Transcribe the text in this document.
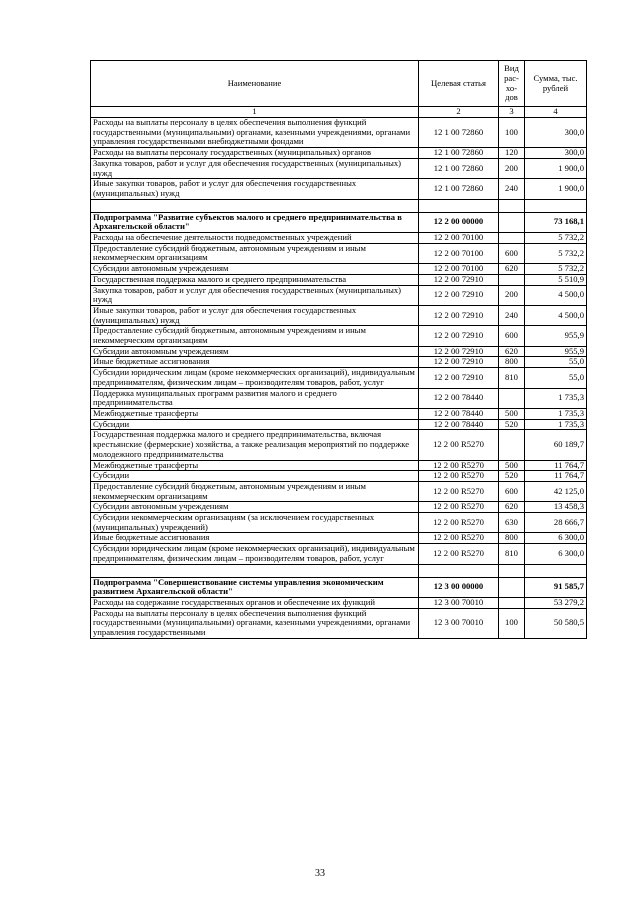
Наименование	Целевая статья	Вид рас- хо- дов	Сумма, тыс. рублей
1	2	3	4
Расходы на выплаты персоналу в целях обеспечения выполнения функций государственными (муниципальными) органами, казенными учреждениями, органами управления государственными внебюджетными фондами	12 1 00 72860	100	300,0
Расходы на выплаты персоналу государственных (муниципальных) органов	12 1 00 72860	120	300,0
Закупка товаров, работ и услуг для обеспечения государственных (муниципальных) нужд	12 1 00 72860	200	1 900,0
Иные закупки товаров, работ и услуг для обеспечения государственных (муниципальных) нужд	12 1 00 72860	240	1 900,0

Подпрограмма "Развитие субъектов малого и среднего предпринимательства в Архангельской области"	12 2 00 00000		73 168,1
Расходы на обеспечение деятельности подведомственных учреждений	12 2 00 70100		5 732,2
Предоставление субсидий бюджетным, автономным учреждениям и иным некоммерческим организациям	12 2 00 70100	600	5 732,2
Субсидии автономным учреждениям	12 2 00 70100	620	5 732,2
Государственная поддержка малого и среднего предпринимательства	12 2 00 72910		5 510,9
Закупка товаров, работ и услуг для обеспечения государственных (муниципальных) нужд	12 2 00 72910	200	4 500,0
Иные закупки товаров, работ и услуг для обеспечения государственных (муниципальных) нужд	12 2 00 72910	240	4 500,0
Предоставление субсидий бюджетным, автономным учреждениям и иным некоммерческим организациям	12 2 00 72910	600	955,9
Субсидии автономным учреждениям	12 2 00 72910	620	955,9
Иные бюджетные ассигнования	12 2 00 72910	800	55,0
Субсидии юридическим лицам (кроме некоммерческих организаций), индивидуальным предпринимателям, физическим лицам – производителям товаров, работ, услуг	12 2 00 72910	810	55,0
Поддержка муниципальных программ развития малого и среднего предпринимательства	12 2 00 78440		1 735,3
Межбюджетные трансферты	12 2 00 78440	500	1 735,3
Субсидии	12 2 00 78440	520	1 735,3
Государственная поддержка малого и среднего предпринимательства, включая крестьянские (фермерские) хозяйства, а также реализация мероприятий по поддержке молодежного предпринимательства	12 2 00 R5270		60 189,7
Межбюджетные трансферты	12 2 00 R5270	500	11 764,7
Субсидии	12 2 00 R5270	520	11 764,7
Предоставление субсидий бюджетным, автономным учреждениям и иным некоммерческим организациям	12 2 00 R5270	600	42 125,0
Субсидии автономным учреждениям	12 2 00 R5270	620	13 458,3
Субсидии некоммерческим организациям (за исключением государственных (муниципальных) учреждений)	12 2 00 R5270	630	28 666,7
Иные бюджетные ассигнования	12 2 00 R5270	800	6 300,0
Субсидии юридическим лицам (кроме некоммерческих организаций), индивидуальным предпринимателям, физическим лицам – производителям товаров, работ, услуг	12 2 00 R5270	810	6 300,0

Подпрограмма "Совершенствование системы управления экономическим развитием Архангельской области"	12 3 00 00000		91 585,7
Расходы на содержание государственных органов и обеспечение их функций	12 3 00 70010		53 279,2
Расходы на выплаты персоналу в целях обеспечения выполнения функций государственными (муниципальными) органами, казенными учреждениями, органами управления государственными	12 3 00 70010	100	50 580,5
33
